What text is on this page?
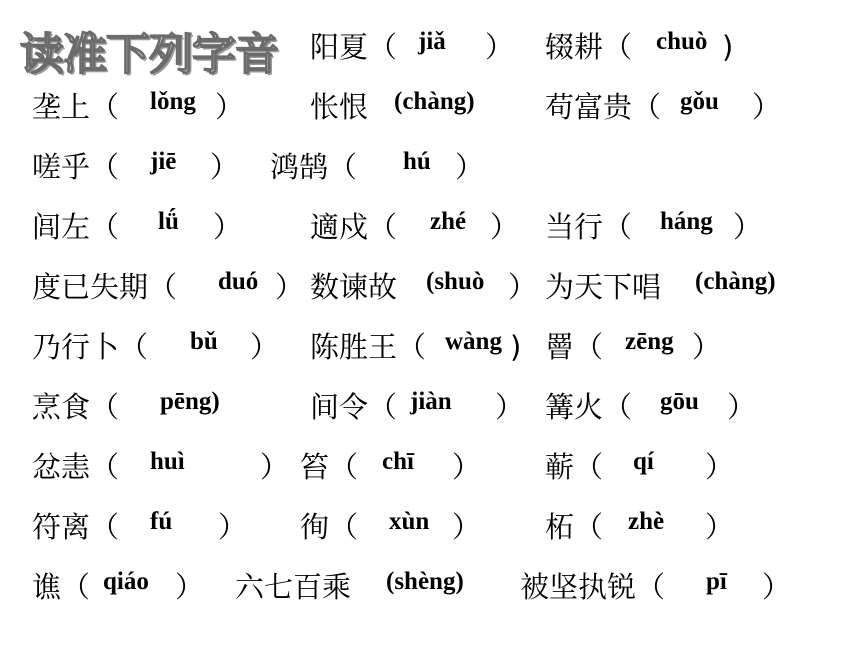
读准下列字音 阳夏（ jiǎ ） 辍耕（ chuò )
垄上（ lǒng ） 怅恨 (chàng) 苟富贵（ gǒu ）
嗟乎（ jiē ） 鸿鹄（ hú ）
闾左（ lǘ ） 適戍（ zhé ） 当行（ háng ）
度已失期（ duó ） 数谏故 (shuò ） 为天下唱 (chàng)
乃行卜（ bǔ ） 陈胜王（ wàng ) 罾（ zēng ）
烹食（ pēng)	间令（ jiàn ） 篝火（ gōu ）
忿恚（ huì	） 笞（ chī ） 蕲（ qí ）
符离（ fú ） 徇（ xùn ） 柘（ zhè ）
谯（ qiáo ） 六七百乘 (shèng) 被坚执锐（ pī ）
